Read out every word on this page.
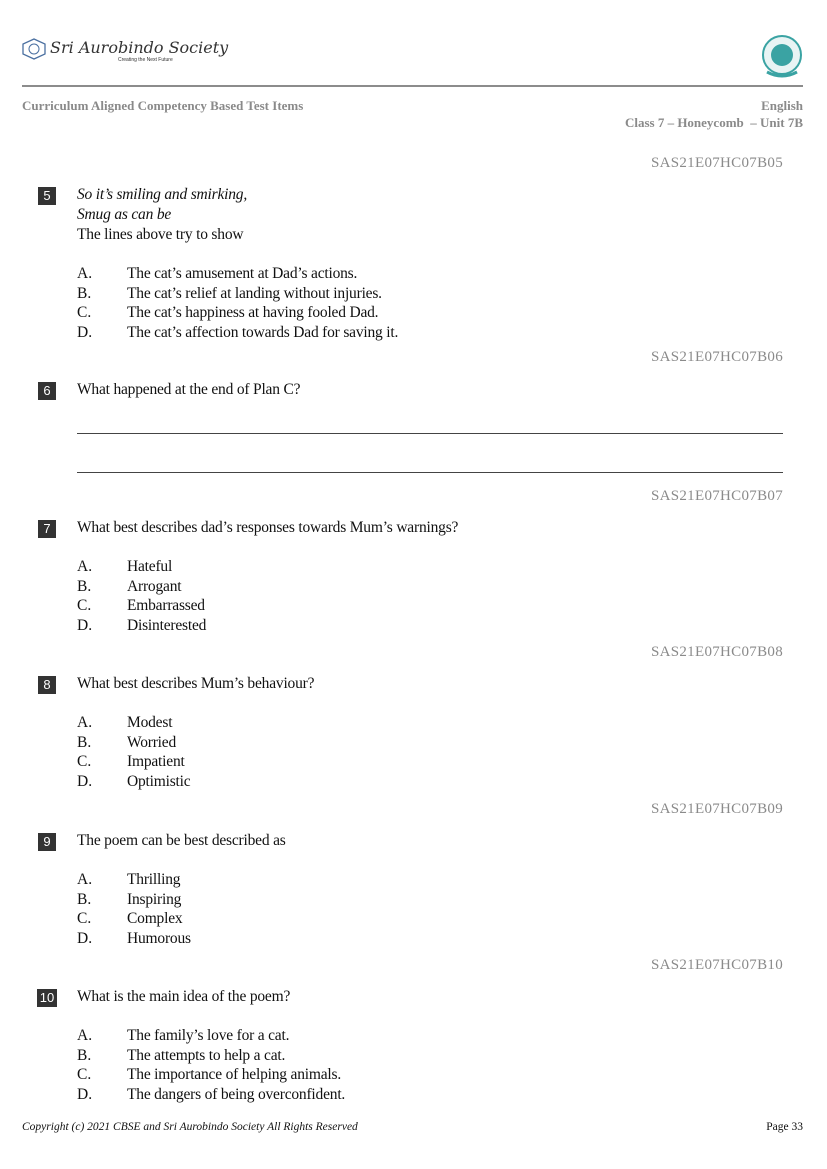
Sri Aurobindo Society
Creating the Next Future
Curriculum Aligned Competency Based Test Items	English
Class 7 – Honeycomb  – Unit 7B
Copyright (c) 2021 CBSE and Sri Aurobindo Society All Rights Reserved	Page 33
SAS21E07HC07B05
5	So it’s smiling and smirking,
Smug as can be
The lines above try to show
A. The cat’s amusement at Dad’s actions.
B. The cat’s relief at landing without injuries.
C. The cat’s happiness at having fooled Dad.
D. The cat’s affection towards Dad for saving it.
SAS21E07HC07B06
6	What happened at the end of Plan C?
SAS21E07HC07B07
7	What best describes dad’s responses towards Mum’s warnings?
A. Hateful
B. Arrogant
C. Embarrassed
D. Disinterested
SAS21E07HC07B08
8	What best describes Mum’s behaviour?
A. Modest
B. Worried
C. Impatient
D. Optimistic
SAS21E07HC07B09
9	The poem can be best described as
A. Thrilling
B. Inspiring
C. Complex
D. Humorous
SAS21E07HC07B10
10 What is the main idea of the poem?
A. The family’s love for a cat.
B. The attempts to help a cat.
C. The importance of helping animals.
D. The dangers of being overconfident.
